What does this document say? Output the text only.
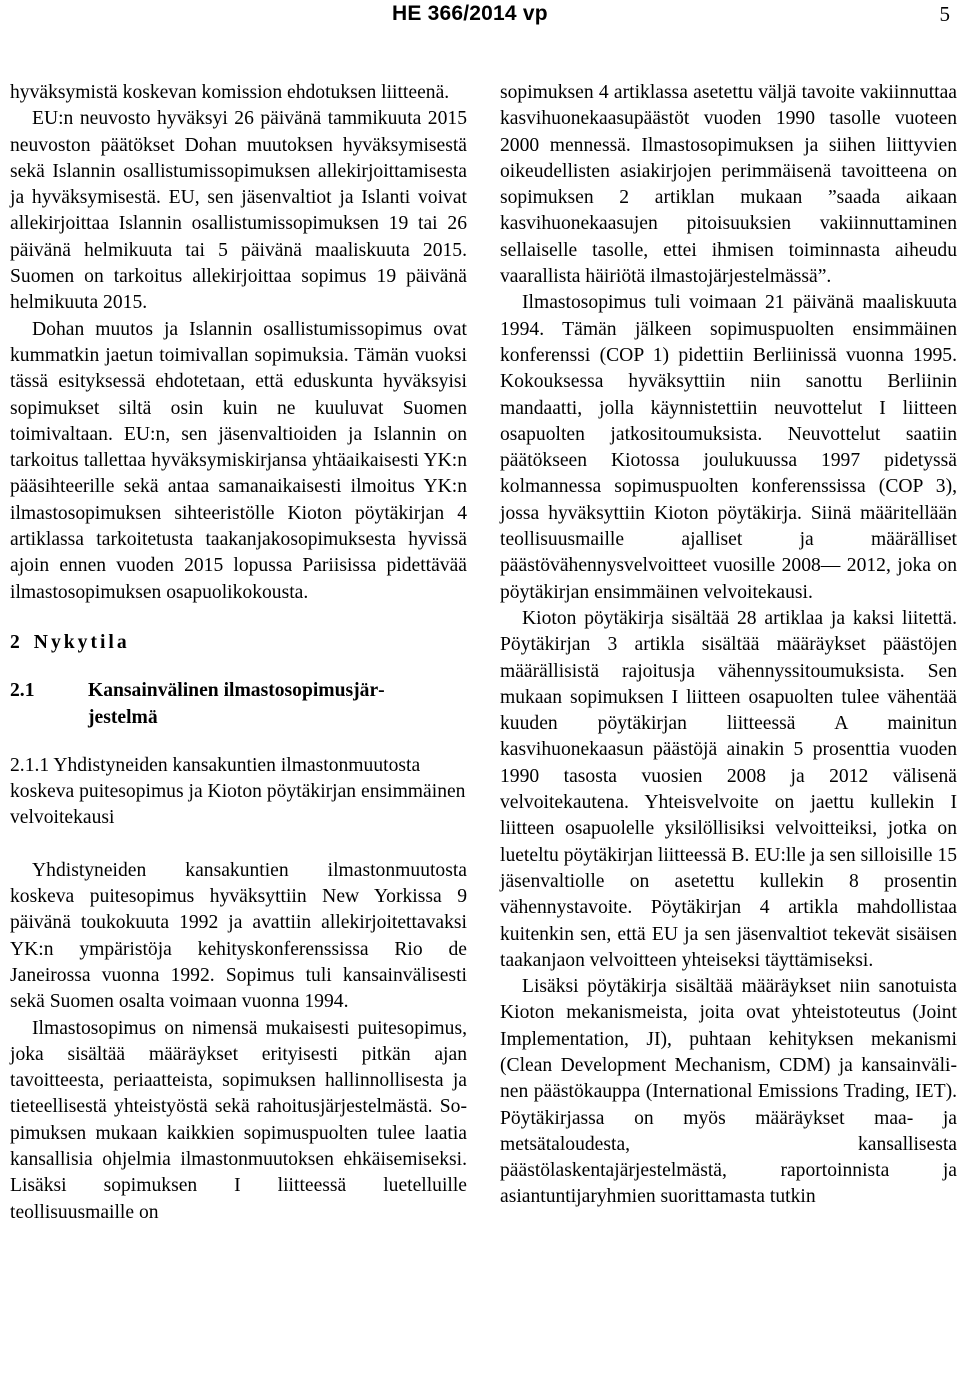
HE 366/2014 vp	5

hyväksymistä koskevan komission ehdotuksen liitteenä.

EU:n neuvosto hyväksyi 26 päivänä tammikuuta 2015 neuvoston päätökset Dohan muutoksen hyväksymisestä sekä Islannin osallistumissopimuksen allekirjoittamisesta ja hyväksymisestä. EU, sen jäsenvaltiot ja Islanti voivat allekirjoittaa Islannin osallistumissopimuksen 19 tai 26 päivänä helmikuuta tai 5 päivänä maaliskuuta 2015. Suomen on tarkoitus allekirjoittaa sopimus 19 päivänä helmikuuta 2015.

Dohan muutos ja Islannin osallistumissopimus ovat kummatkin jaetun toimivallan sopimuksia. Tämän vuoksi tässä esityksessä ehdotetaan, että eduskunta hyväksyisi sopimukset siltä osin kuin ne kuuluvat Suomen toimivaltaan. EU:n, sen jäsenvaltioiden ja Islannin on tarkoitus tallettaa hyväksymiskirjansa yhtäaikaisesti YK:n pääsihteerille sekä antaa samanaikaisesti ilmoitus YK:n ilmastosopimuksen sihteeristölle Kioton pöytäkirjan 4 artiklassa tarkoitetusta taakanjakosopimuksesta hyvissä ajoin ennen vuoden 2015 lopussa Pariisissa pidettävää ilmastosopimuksen osapuolikokousta.

2 Nykytila
2.1	Kansainvälinen ilmastosopimusjärjestelmä
2.1.1 Yhdistyneiden kansakuntien ilmastonmuutosta koskeva puitesopimus ja Kioton pöytäkirjan ensimmäinen velvoitekausi

Yhdistyneiden kansakuntien ilmastonmuutosta koskeva puitesopimus hyväksyttiin New Yorkissa 9 päivänä toukokuuta 1992 ja avattiin allekirjoitettavaksi YK:n ympäristöja kehityskonferenssissa Rio de Janeirossa vuonna 1992. Sopimus tuli kansainvälisesti sekä Suomen osalta voimaan vuonna 1994.

Ilmastosopimus on nimensä mukaisesti puitesopimus, joka sisältää määräykset erityisesti pitkän ajan tavoitteesta, periaatteista, sopimuksen hallinnollisesta ja tieteellisestä yhteistyöstä sekä rahoitusjärjestelmästä. Sopimuksen mukaan kaikkien sopimuspuolten tulee laatia kansallisia ohjelmia ilmastonmuutoksen ehkäisemiseksi. Lisäksi sopimuksen I liitteessä luetelluille teollisuusmaille on

sopimuksen 4 artiklassa asetettu väljä tavoite vakiinnuttaa kasvihuonekaasupäästöt vuoden 1990 tasolle vuoteen 2000 mennessä. Ilmastosopimuksen ja siihen liittyvien oikeudellisten asiakirjojen perimmäisenä tavoitteena on sopimuksen 2 artiklan mukaan ”saada aikaan kasvihuonekaasujen pitoisuuksien vakiinnuttaminen sellaiselle tasolle, ettei ihmisen toiminnasta aiheudu vaarallista häiriötä ilmastojärjestelmässä”.

Ilmastosopimus tuli voimaan 21 päivänä maaliskuuta 1994. Tämän jälkeen sopimuspuolten ensimmäinen konferenssi (COP 1) pidettiin Berliinissä vuonna 1995. Kokouksessa hyväksyttiin niin sanottu Berliinin mandaatti, jolla käynnistettiin neuvottelut I liitteen osapuolten jatkositoumuksista. Neuvottelut saatiin päätökseen Kiotossa joulukuussa 1997 pidetyssä kolmannessa sopimuspuolten konferenssissa (COP 3), jossa hyväksyttiin Kioton pöytäkirja. Siinä määritellään teollisuusmaille ajalliset ja määrälliset päästövähennysvelvoitteet vuosille 2008— 2012, joka on pöytäkirjan ensimmäinen velvoitekausi.

Kioton pöytäkirja sisältää 28 artiklaa ja kaksi liitettä. Pöytäkirjan 3 artikla sisältää määräykset päästöjen määrällisistä rajoitusja vähennyssitoumuksista. Sen mukaan sopimuksen I liitteen osapuolten tulee vähentää kuuden pöytäkirjan liitteessä A mainitun kasvihuonekaasun päästöjä ainakin 5 prosenttia vuoden 1990 tasosta vuosien 2008 ja 2012 välisenä velvoitekautena. Yhteisvelvoite on jaettu kullekin I liitteen osapuolelle yksilöllisiksi velvoitteiksi, jotka on lueteltu pöytäkirjan liitteessä B. EU:lle ja sen silloisille 15 jäsenvaltiolle on asetettu kullekin 8 prosentin vähennystavoite. Pöytäkirjan 4 artikla mahdollistaa kuitenkin sen, että EU ja sen jäsenvaltiot tekevät sisäisen taakanjaon velvoitteen yhteiseksi täyttämiseksi.

Lisäksi pöytäkirja sisältää määräykset niin sanotuista Kioton mekanismeista, joita ovat yhteistoteutus (Joint Implementation, JI), puhtaan kehityksen mekanismi (Clean Development Mechanism, CDM) ja kansainvälinen päästökauppa (International Emissions Trading, IET). Pöytäkirjassa on myös määräykset maa- ja metsätaloudesta, kansallisesta päästölaskentajärjestelmästä, raportoinnista ja asiantuntijaryhmien suorittamasta tutkin
